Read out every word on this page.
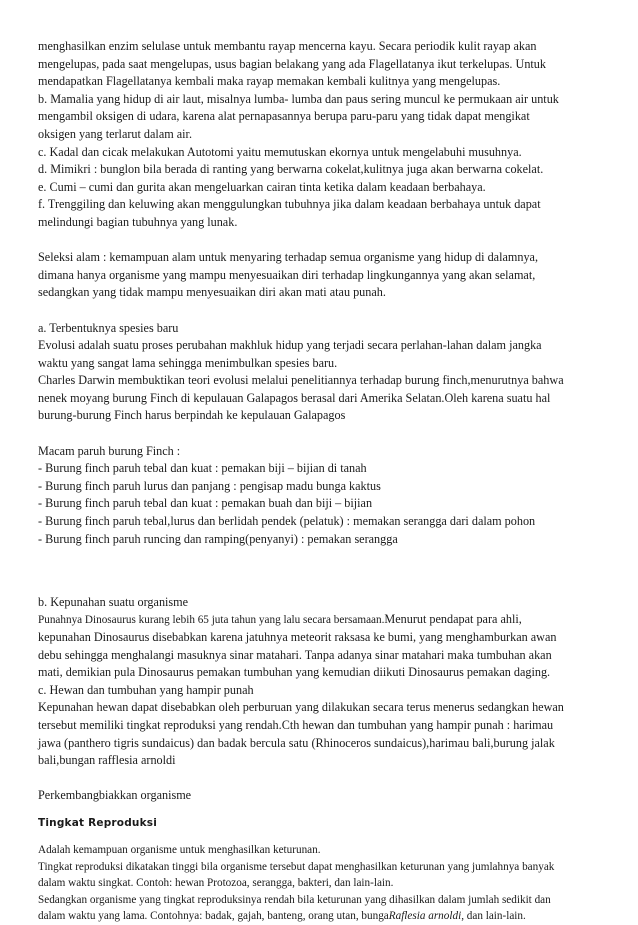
menghasilkan enzim selulase untuk membantu rayap mencerna kayu. Secara periodik kulit rayap akan

mengelupas, pada saat mengelupas, usus bagian belakang yang ada Flagellatanya ikut terkelupas. Untuk

mendapatkan Flagellatanya kembali maka rayap memakan kembali kulitnya yang mengelupas.

b. Mamalia yang hidup di air laut, misalnya lumba- lumba dan paus sering muncul ke permukaan air untuk

mengambil oksigen di udara, karena alat pernapasannya berupa paru-paru yang tidak dapat mengikat

oksigen yang terlarut dalam air.

c. Kadal dan cicak melakukan Autotomi yaitu memutuskan ekornya untuk mengelabuhi musuhnya.

d. Mimikri : bunglon bila berada di ranting yang berwarna cokelat,kulitnya juga akan berwarna cokelat.

e. Cumi – cumi dan gurita akan mengeluarkan cairan tinta ketika dalam keadaan berbahaya.

f. Trenggiling dan keluwing akan menggulungkan tubuhnya jika dalam keadaan berbahaya untuk dapat

melindungi bagian tubuhnya yang lunak.

Seleksi alam : kemampuan alam untuk menyaring terhadap semua organisme yang hidup di dalamnya,

dimana hanya organisme yang mampu menyesuaikan diri terhadap lingkungannya yang akan selamat,

sedangkan yang tidak mampu menyesuaikan diri akan mati atau punah.

a. Terbentuknya spesies baru

Evolusi adalah suatu proses perubahan makhluk hidup yang terjadi secara perlahan-lahan dalam jangka

waktu yang sangat lama sehingga menimbulkan spesies baru.

Charles Darwin membuktikan teori evolusi melalui penelitiannya terhadap burung finch,menurutnya bahwa

nenek moyang burung Finch di kepulauan Galapagos berasal dari Amerika Selatan.Oleh karena suatu hal

burung-burung Finch harus berpindah ke kepulauan Galapagos

Macam paruh burung Finch :

- Burung finch paruh tebal dan kuat : pemakan biji – bijian di tanah

- Burung finch paruh lurus dan panjang : pengisap madu bunga kaktus

- Burung finch paruh tebal dan kuat : pemakan buah dan biji – bijian

- Burung finch paruh tebal,lurus dan berlidah pendek (pelatuk) : memakan serangga dari dalam pohon

- Burung finch paruh runcing dan ramping(penyanyi) : pemakan serangga

b. Kepunahan suatu organisme

Punahnya Dinosaurus kurang lebih 65 juta tahun yang lalu secara bersamaan.Menurut pendapat para ahli,

kepunahan Dinosaurus disebabkan karena jatuhnya meteorit raksasa ke bumi, yang menghamburkan awan

debu sehingga menghalangi masuknya sinar matahari. Tanpa adanya sinar matahari maka tumbuhan akan

mati, demikian pula Dinosaurus pemakan tumbuhan yang kemudian diikuti Dinosaurus pemakan daging.

c. Hewan dan tumbuhan yang hampir punah

Kepunahan hewan dapat disebabkan oleh perburuan yang dilakukan secara terus menerus sedangkan hewan

tersebut memiliki tingkat reproduksi yang rendah.Cth hewan dan tumbuhan yang hampir punah : harimau

jawa (panthero tigris sundaicus) dan badak bercula satu (Rhinoceros sundaicus),harimau bali,burung jalak

bali,bungan rafflesia arnoldi

Perkembangbiakkan organisme

Tingkat Reproduksi

Adalah kemampuan organisme untuk menghasilkan keturunan.

Tingkat reproduksi dikatakan tinggi bila organisme tersebut dapat menghasilkan keturunan yang jumlahnya banyak

dalam waktu singkat. Contoh: hewan Protozoa, serangga, bakteri, dan lain-lain.

Sedangkan organisme yang tingkat reproduksinya rendah bila keturunan yang dihasilkan dalam jumlah sedikit dan

dalam waktu yang lama. Contohnya: badak, gajah, banteng, orang utan, bungaRaflesia arnoldi, dan lain-lain.
